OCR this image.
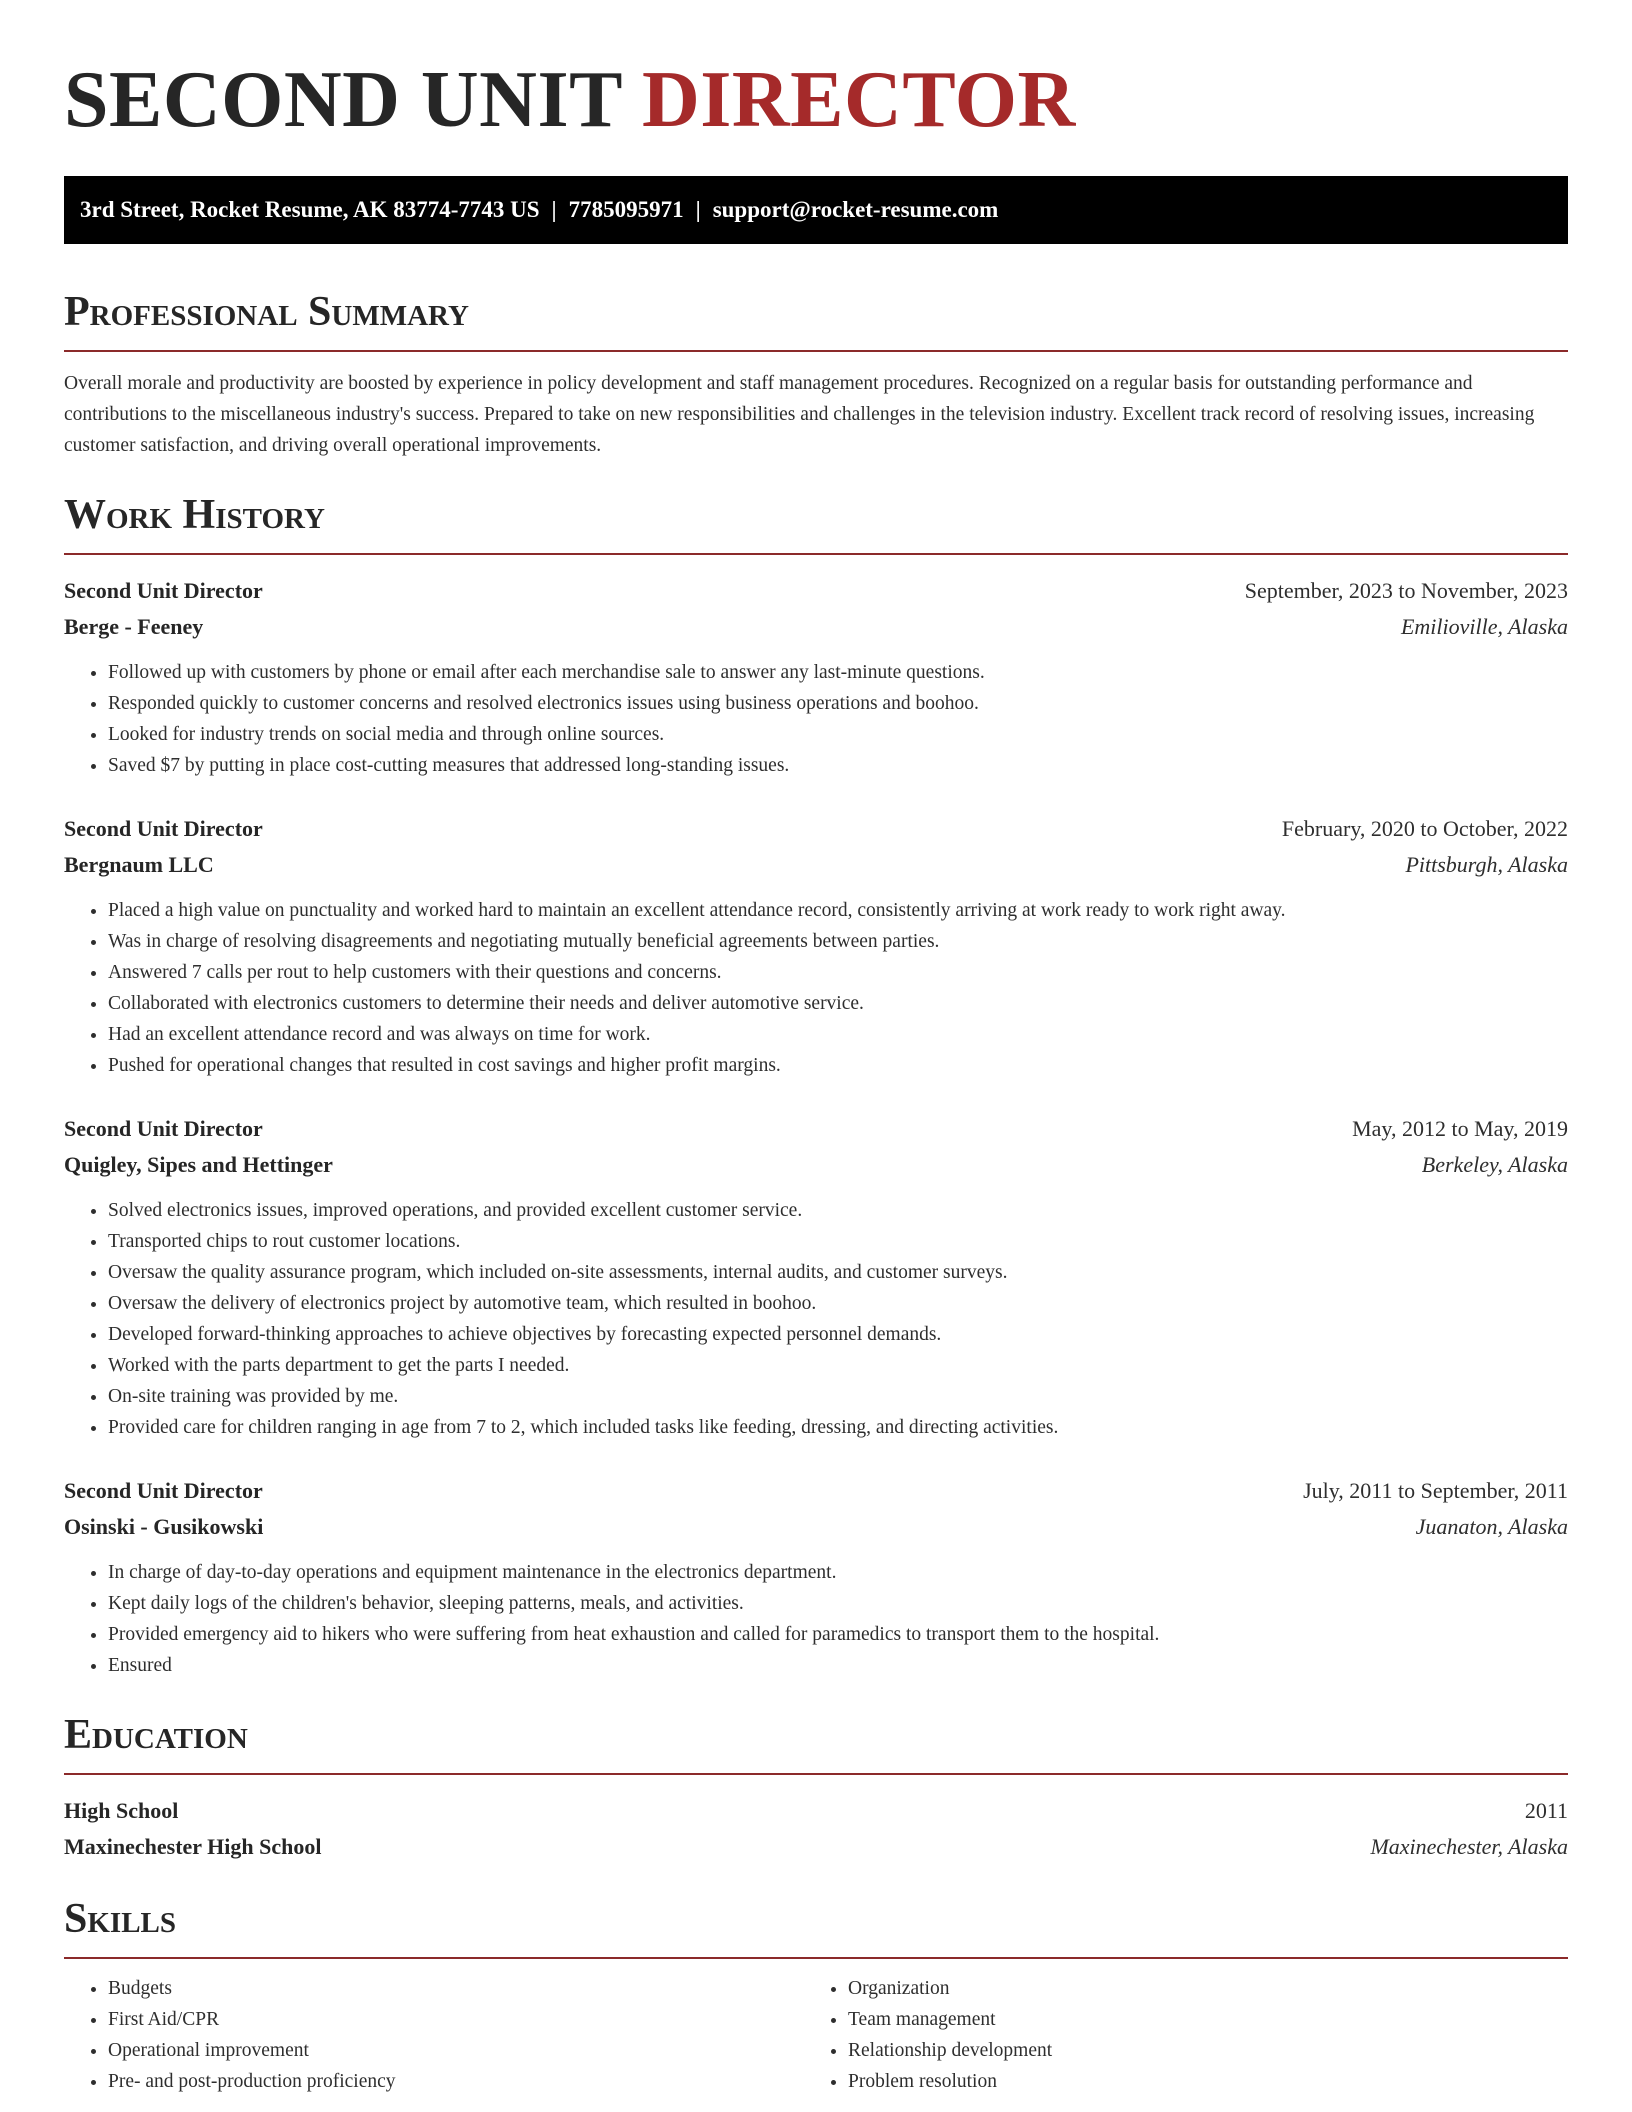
SECOND UNIT DIRECTOR
3rd Street, Rocket Resume, AK 83774-7743 US | 7785095971 | support@rocket-resume.com
Professional Summary

Overall morale and productivity are boosted by experience in policy development and staff management procedures. Recognized on a regular basis for outstanding performance and contributions to the miscellaneous industry's success. Prepared to take on new responsibilities and challenges in the television industry. Excellent track record of resolving issues, increasing customer satisfaction, and driving overall operational improvements.

Work History
Second Unit Director	September, 2023 to November, 2023
Berge - Feeney	Emilioville, Alaska
• Followed up with customers by phone or email after each merchandise sale to answer any last-minute questions.
• Responded quickly to customer concerns and resolved electronics issues using business operations and boohoo.
• Looked for industry trends on social media and through online sources.
• Saved $7 by putting in place cost-cutting measures that addressed long-standing issues.
Second Unit Director	February, 2020 to October, 2022
Bergnaum LLC	Pittsburgh, Alaska
• Placed a high value on punctuality and worked hard to maintain an excellent attendance record, consistently arriving at work ready to work right away.
• Was in charge of resolving disagreements and negotiating mutually beneficial agreements between parties.
• Answered 7 calls per rout to help customers with their questions and concerns.
• Collaborated with electronics customers to determine their needs and deliver automotive service.
• Had an excellent attendance record and was always on time for work.
• Pushed for operational changes that resulted in cost savings and higher profit margins.
Second Unit Director	May, 2012 to May, 2019
Quigley, Sipes and Hettinger	Berkeley, Alaska
• Solved electronics issues, improved operations, and provided excellent customer service.
• Transported chips to rout customer locations.
• Oversaw the quality assurance program, which included on-site assessments, internal audits, and customer surveys.
• Oversaw the delivery of electronics project by automotive team, which resulted in boohoo.
• Developed forward-thinking approaches to achieve objectives by forecasting expected personnel demands.
• Worked with the parts department to get the parts I needed.
• On-site training was provided by me.
• Provided care for children ranging in age from 7 to 2, which included tasks like feeding, dressing, and directing activities.
Second Unit Director	July, 2011 to September, 2011
Osinski - Gusikowski	Juanaton, Alaska
• In charge of day-to-day operations and equipment maintenance in the electronics department.
• Kept daily logs of the children's behavior, sleeping patterns, meals, and activities.
• Provided emergency aid to hikers who were suffering from heat exhaustion and called for paramedics to transport them to the hospital.
• Ensured
Education
High School	2011
Maxinechester High School	Maxinechester, Alaska
Skills
• Budgets
• First Aid/CPR
• Operational improvement
• Pre- and post-production proficiency
• Organization
• Team management
• Relationship development
• Problem resolution
